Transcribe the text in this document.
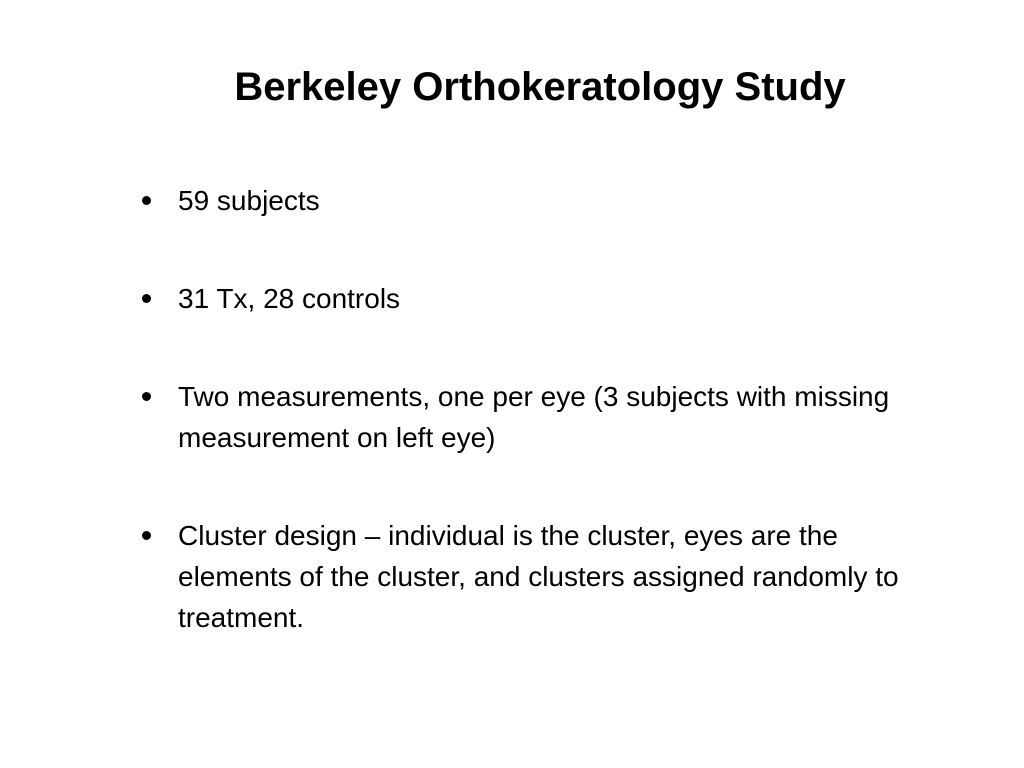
Berkeley Orthokeratology Study
59 subjects
31 Tx, 28 controls
Two measurements, one per eye (3 subjects with missing measurement on left eye)
Cluster design – individual is the cluster, eyes are the elements of the cluster, and clusters assigned randomly to treatment.
